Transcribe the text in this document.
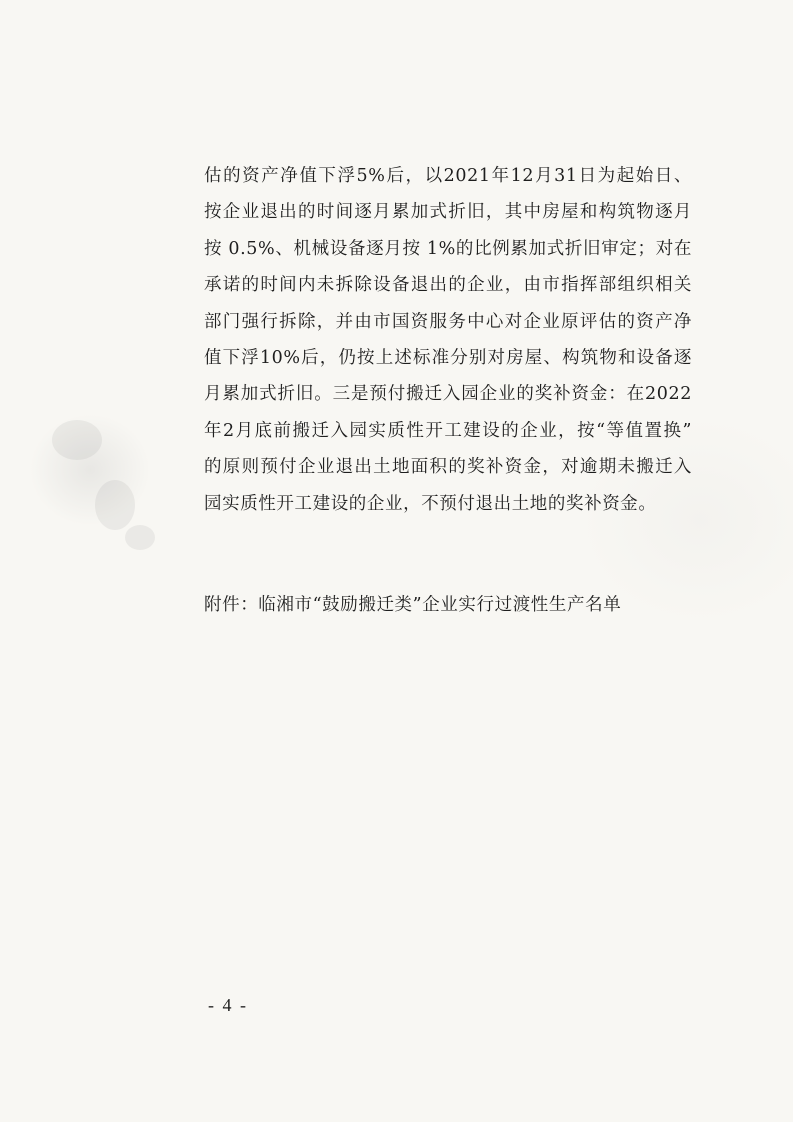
估的资产净值下浮5%后，以2021年12月31日为起始日、
按企业退出的时间逐月累加式折旧，其中房屋和构筑物逐月
按 0.5%、机械设备逐月按 1%的比例累加式折旧审定；对在
承诺的时间内未拆除设备退出的企业，由市指挥部组织相关
部门强行拆除，并由市国资服务中心对企业原评估的资产净
值下浮10%后，仍按上述标准分别对房屋、构筑物和设备逐
月累加式折旧。三是预付搬迁入园企业的奖补资金：在2022
年2月底前搬迁入园实质性开工建设的企业，按“等值置换”
的原则预付企业退出土地面积的奖补资金，对逾期未搬迁入
园实质性开工建设的企业，不预付退出土地的奖补资金。
附件：临湘市“鼓励搬迁类”企业实行过渡性生产名单
- 4 -
